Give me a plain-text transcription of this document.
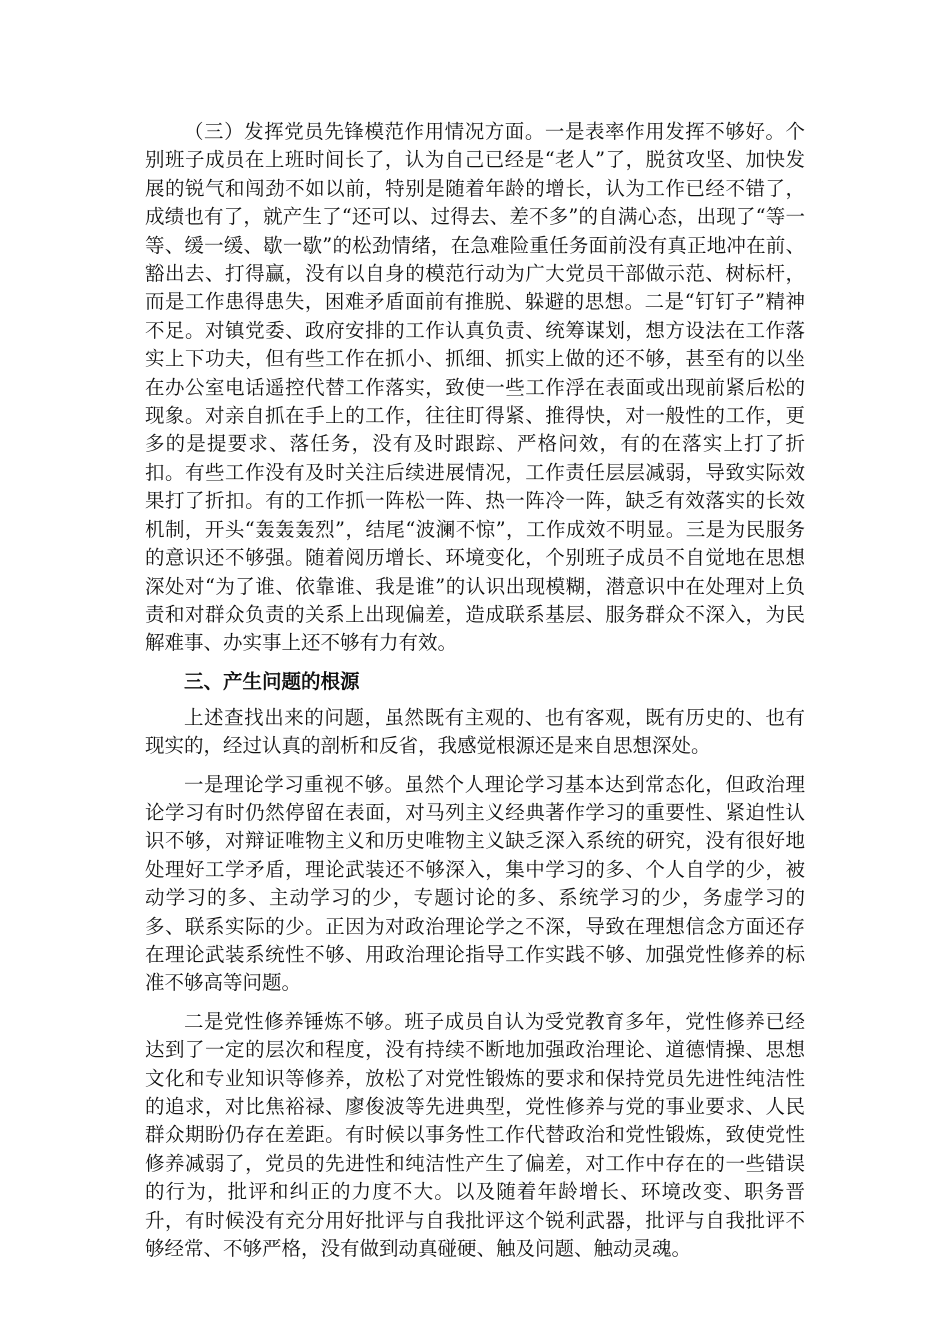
（三）发挥党员先锋模范作用情况方面。一是表率作用发挥不够好。个别班子成员在上班时间长了，认为自己已经是“老人”了，脱贫攻坚、加快发展的锐气和闯劲不如以前，特别是随着年龄的增长，认为工作已经不错了，成绩也有了，就产生了“还可以、过得去、差不多”的自满心态，出现了“等一等、缓一缓、歇一歇”的松劲情绪，在急难险重任务面前没有真正地冲在前、豁出去、打得赢，没有以自身的模范行动为广大党员干部做示范、树标杆，而是工作患得患失，困难矛盾面前有推脱、躲避的思想。二是“钉钉子”精神不足。对镇党委、政府安排的工作认真负责、统筹谋划，想方设法在工作落实上下功夫，但有些工作在抓小、抓细、抓实上做的还不够，甚至有的以坐在办公室电话遥控代替工作落实，致使一些工作浮在表面或出现前紧后松的现象。对亲自抓在手上的工作，往往盯得紧、推得快，对一般性的工作，更多的是提要求、落任务，没有及时跟踪、严格问效，有的在落实上打了折扣。有些工作没有及时关注后续进展情况，工作责任层层减弱，导致实际效果打了折扣。有的工作抓一阵松一阵、热一阵冷一阵，缺乏有效落实的长效机制，开头“轰轰轰烈”，结尾“波澜不惊”，工作成效不明显。三是为民服务的意识还不够强。随着阅历增长、环境变化，个别班子成员不自觉地在思想深处对“为了谁、依靠谁、我是谁”的认识出现模糊，潜意识中在处理对上负责和对群众负责的关系上出现偏差，造成联系基层、服务群众不深入，为民解难事、办实事上还不够有力有效。

三、产生问题的根源

上述查找出来的问题，虽然既有主观的、也有客观，既有历史的、也有现实的，经过认真的剖析和反省，我感觉根源还是来自思想深处。

一是理论学习重视不够。虽然个人理论学习基本达到常态化，但政治理论学习有时仍然停留在表面，对马列主义经典著作学习的重要性、紧迫性认识不够，对辩证唯物主义和历史唯物主义缺乏深入系统的研究，没有很好地处理好工学矛盾，理论武装还不够深入，集中学习的多、个人自学的少，被动学习的多、主动学习的少，专题讨论的多、系统学习的少，务虚学习的多、联系实际的少。正因为对政治理论学之不深，导致在理想信念方面还存在理论武装系统性不够、用政治理论指导工作实践不够、加强党性修养的标准不够高等问题。

二是党性修养锤炼不够。班子成员自认为受党教育多年，党性修养已经达到了一定的层次和程度，没有持续不断地加强政治理论、道德情操、思想文化和专业知识等修养，放松了对党性锻炼的要求和保持党员先进性纯洁性的追求，对比焦裕禄、廖俊波等先进典型，党性修养与党的事业要求、人民群众期盼仍存在差距。有时候以事务性工作代替政治和党性锻炼，致使党性修养减弱了，党员的先进性和纯洁性产生了偏差，对工作中存在的一些错误的行为，批评和纠正的力度不大。以及随着年龄增长、环境改变、职务晋升，有时候没有充分用好批评与自我批评这个锐利武器，批评与自我批评不够经常、不够严格，没有做到动真碰硬、触及问题、触动灵魂。
